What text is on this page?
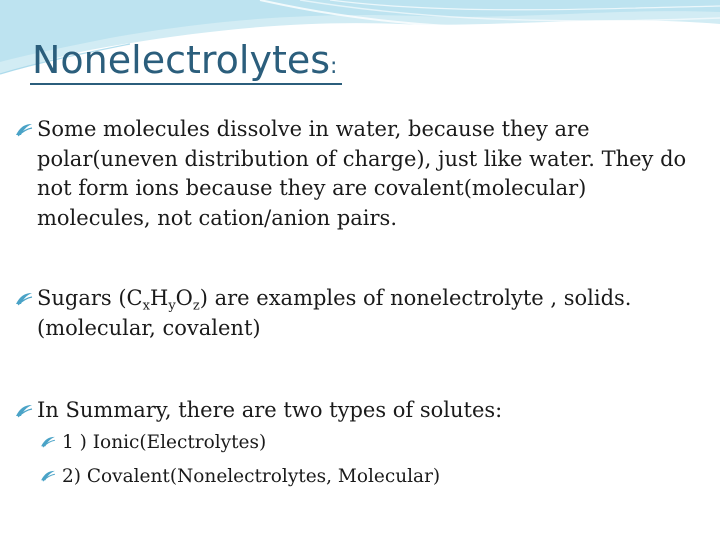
Nonelectrolytes:
Some molecules dissolve in water, because they are polar(uneven distribution of charge), just like water. They do not form ions because they are covalent(molecular) molecules, not cation/anion pairs.
Sugars $(C_xH_yO_z)$ are examples of nonelectrolyte , solids. (molecular, covalent)
In Summary, there are two types of solutes:
1 ) Ionic(Electrolytes)
2) Covalent(Nonelectrolytes, Molecular)
